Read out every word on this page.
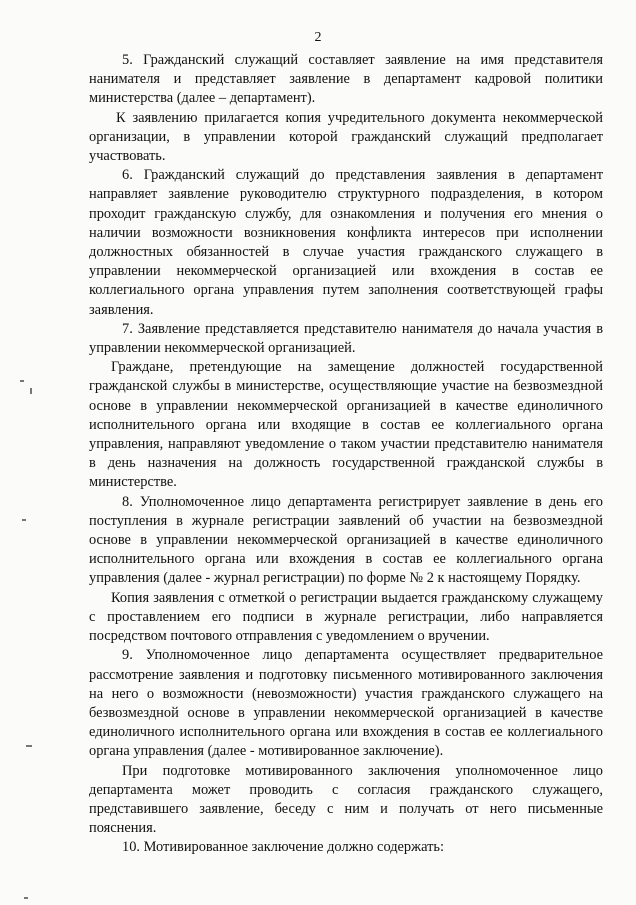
2

5. Гражданский служащий составляет заявление на имя представителя нанимателя и представляет заявление в департамент кадровой политики министерства (далее – департамент).

К заявлению прилагается копия учредительного документа некоммерческой организации, в управлении которой гражданский служащий предполагает участвовать.

6. Гражданский служащий до представления заявления в департамент направляет заявление руководителю структурного подразделения, в котором проходит гражданскую службу, для ознакомления и получения его мнения о наличии возможности возникновения конфликта интересов при исполнении должностных обязанностей в случае участия гражданского служащего в управлении некоммерческой организацией или вхождения в состав ее коллегиального органа управления путем заполнения соответствующей графы заявления.

7. Заявление представляется представителю нанимателя до начала участия в управлении некоммерческой организацией.

Граждане, претендующие на замещение должностей государственной гражданской службы в министерстве, осуществляющие участие на безвозмездной основе в управлении некоммерческой организацией в качестве единоличного исполнительного органа или входящие в состав ее коллегиального органа управления, направляют уведомление о таком участии представителю нанимателя в день назначения на должность государственной гражданской службы в министерстве.

8. Уполномоченное лицо департамента регистрирует заявление в день его поступления в журнале регистрации заявлений об участии на безвозмездной основе в управлении некоммерческой организацией в качестве единоличного исполнительного органа или вхождения в состав ее коллегиального органа управления (далее - журнал регистрации) по форме № 2 к настоящему Порядку.

Копия заявления с отметкой о регистрации выдается гражданскому служащему с проставлением его подписи в журнале регистрации, либо направляется посредством почтового отправления с уведомлением о вручении.

9. Уполномоченное лицо департамента осуществляет предварительное рассмотрение заявления и подготовку письменного мотивированного заключения на него о возможности (невозможности) участия гражданского служащего на безвозмездной основе в управлении некоммерческой организацией в качестве единоличного исполнительного органа или вхождения в состав ее коллегиального органа управления (далее - мотивированное заключение).

При подготовке мотивированного заключения уполномоченное лицо департамента может проводить с согласия гражданского служащего, представившего заявление, беседу с ним и получать от него письменные пояснения.

10. Мотивированное заключение должно содержать:
